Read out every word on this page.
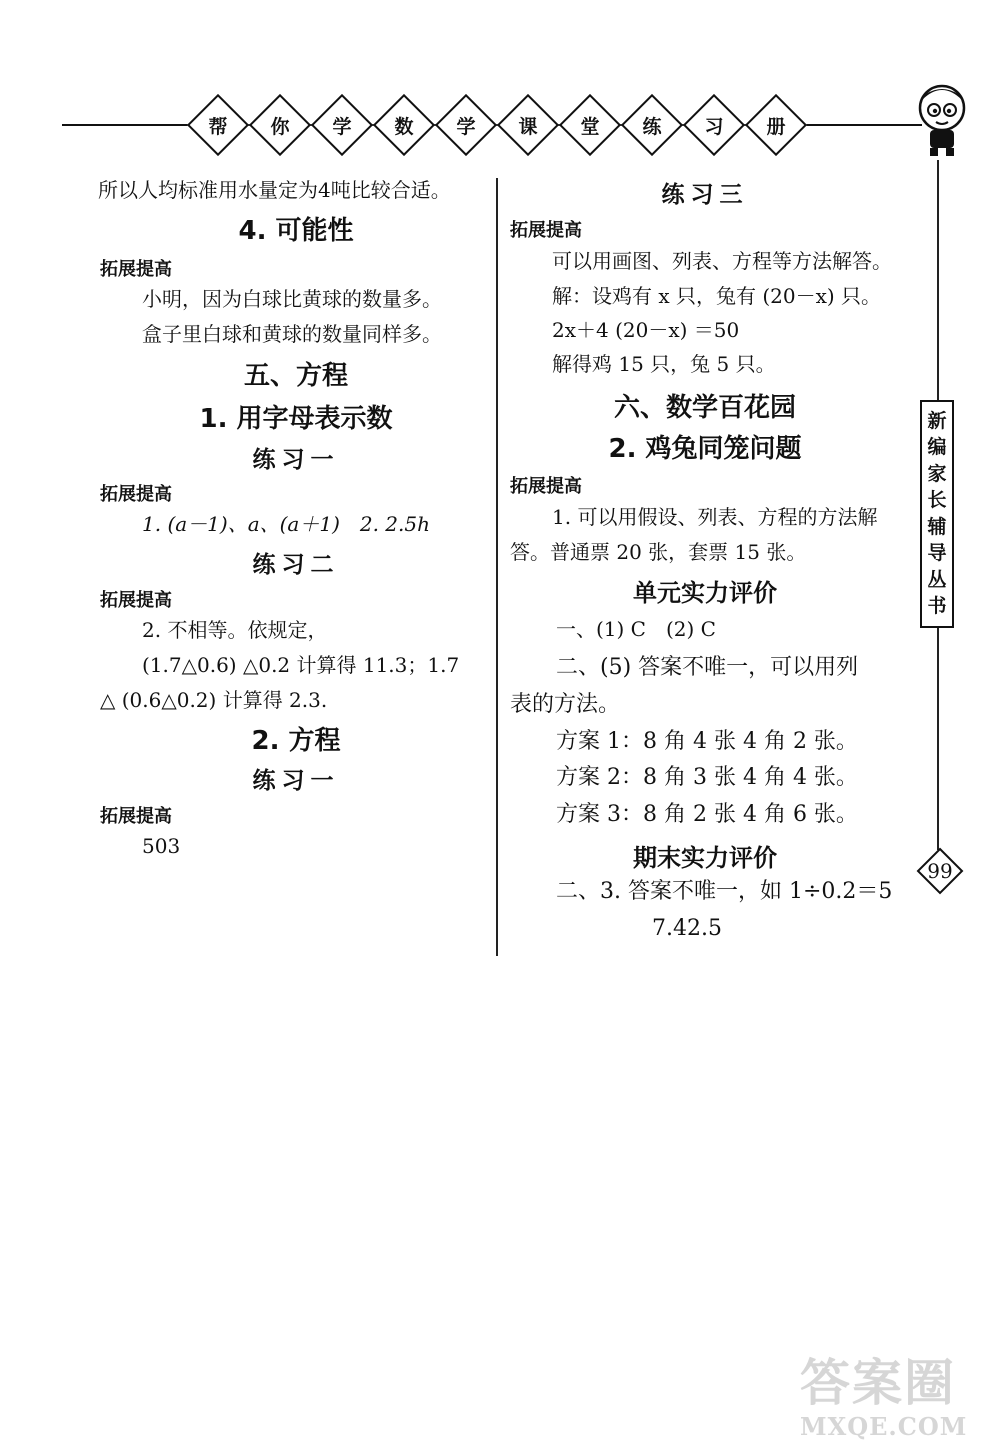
帮	你	学	数	学	课	堂	练	习	册
新
编
家
长
辅
导
丛
书
99
所以人均标准用水量定为4吨比较合适。
4. 可能性
拓展提高
小明，因为白球比黄球的数量多。
盒子里白球和黄球的数量同样多。
五、方程
1. 用字母表示数
练习一
拓展提高
1. (a－1)、a、(a＋1)　2. 2.5h
练习二
拓展提高
2. 不相等。依规定，
(1.7△0.6) △0.2 计算得 11.3；1.7
△ (0.6△0.2) 计算得 2.3.
2. 方程
练习一
拓展提高
503
练习三
拓展提高
可以用画图、列表、方程等方法解答。
解：设鸡有 x 只，兔有 (20－x) 只。
2x＋4 (20－x) ＝50
解得鸡 15 只，兔 5 只。
六、数学百花园
2. 鸡兔同笼问题
拓展提高
1. 可以用假设、列表、方程的方法解
答。普通票 20 张，套票 15 张。
单元实力评价
一、(1) C　(2) C
二、(5) 答案不唯一，可以用列
表的方法。
方案 1：8 角 4 张 4 角 2 张。
方案 2：8 角 3 张 4 角 4 张。
方案 3：8 角 2 张 4 角 6 张。
期末实力评价
二、3. 答案不唯一，如 1÷0.2＝5
7.42.5
答案圈
MXQE.COM
